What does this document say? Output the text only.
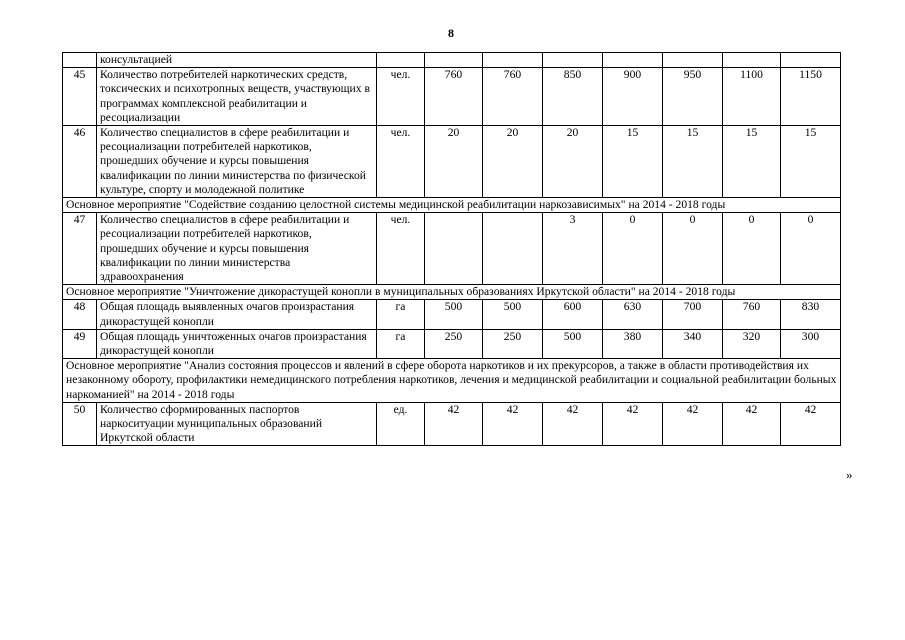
8
	консультацией								
45	Количество потребителей наркотических средств, токсических и психотропных веществ, участвующих в программах комплексной реабилитации и ресоциализации	чел.	760	760	850	900	950	1100	1150
46	Количество специалистов в сфере реабилитации и ресоциализации потребителей наркотиков, прошедших обучение и курсы повышения квалификации по линии министерства по физической культуре, спорту и молодежной политике	чел.	20	20	20	15	15	15	15
Основное мероприятие "Содействие созданию целостной системы медицинской реабилитации наркозависимых" на 2014 - 2018 годы									
47	Количество специалистов в сфере реабилитации и ресоциализации потребителей наркотиков, прошедших обучение и курсы повышения квалификации по линии министерства здравоохранения	чел.			3	0	0	0	0
Основное мероприятие "Уничтожение дикорастущей конопли в муниципальных образованиях Иркутской области" на 2014 - 2018 годы									
48	Общая площадь выявленных очагов произрастания дикорастущей конопли	га	500	500	600	630	700	760	830
49	Общая площадь уничтоженных очагов произрастания дикорастущей конопли	га	250	250	500	380	340	320	300
Основное мероприятие "Анализ состояния процессов и явлений в сфере оборота наркотиков и их прекурсоров, а также в области противодействия их незаконному обороту, профилактики немедицинского потребления наркотиков, лечения и медицинской реабилитации и социальной реабилитации больных наркоманией" на 2014 - 2018 годы									
50	Количество сформированных паспортов наркоситуации муниципальных образований Иркутской области	ед.	42	42	42	42	42	42	42
»
